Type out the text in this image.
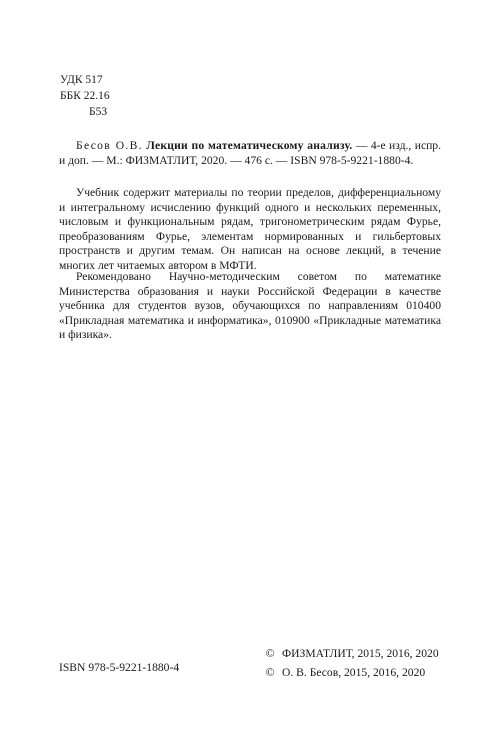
УДК 517
ББК 22.16
Б53

Бесов О.В. Лекции по математическому анализу. — 4-е изд., испр. и доп. — М.: ФИЗМАТЛИТ, 2020. — 476 с. — ISBN 978-5-9221-1880-4.

Учебник содержит материалы по теории пределов, дифференциальному и интегральному исчислению функций одного и нескольких переменных, числовым и функциональным рядам, тригонометрическим рядам Фурье, преобразованиям Фурье, элементам нормированных и гильбертовых пространств и другим темам. Он написан на основе лекций, в течение многих лет читаемых автором в МФТИ.

Рекомендовано Научно-методическим советом по математике Министерства образования и науки Российской Федерации в качестве учебника для студентов вузов, обучающихся по направлениям 010400 «Прикладная математика и информатика», 010900 «Прикладные математика и физика».

ISBN 978-5-9221-1880-4
© ФИЗМАТЛИТ, 2015, 2016, 2020
© О. В. Бесов, 2015, 2016, 2020
